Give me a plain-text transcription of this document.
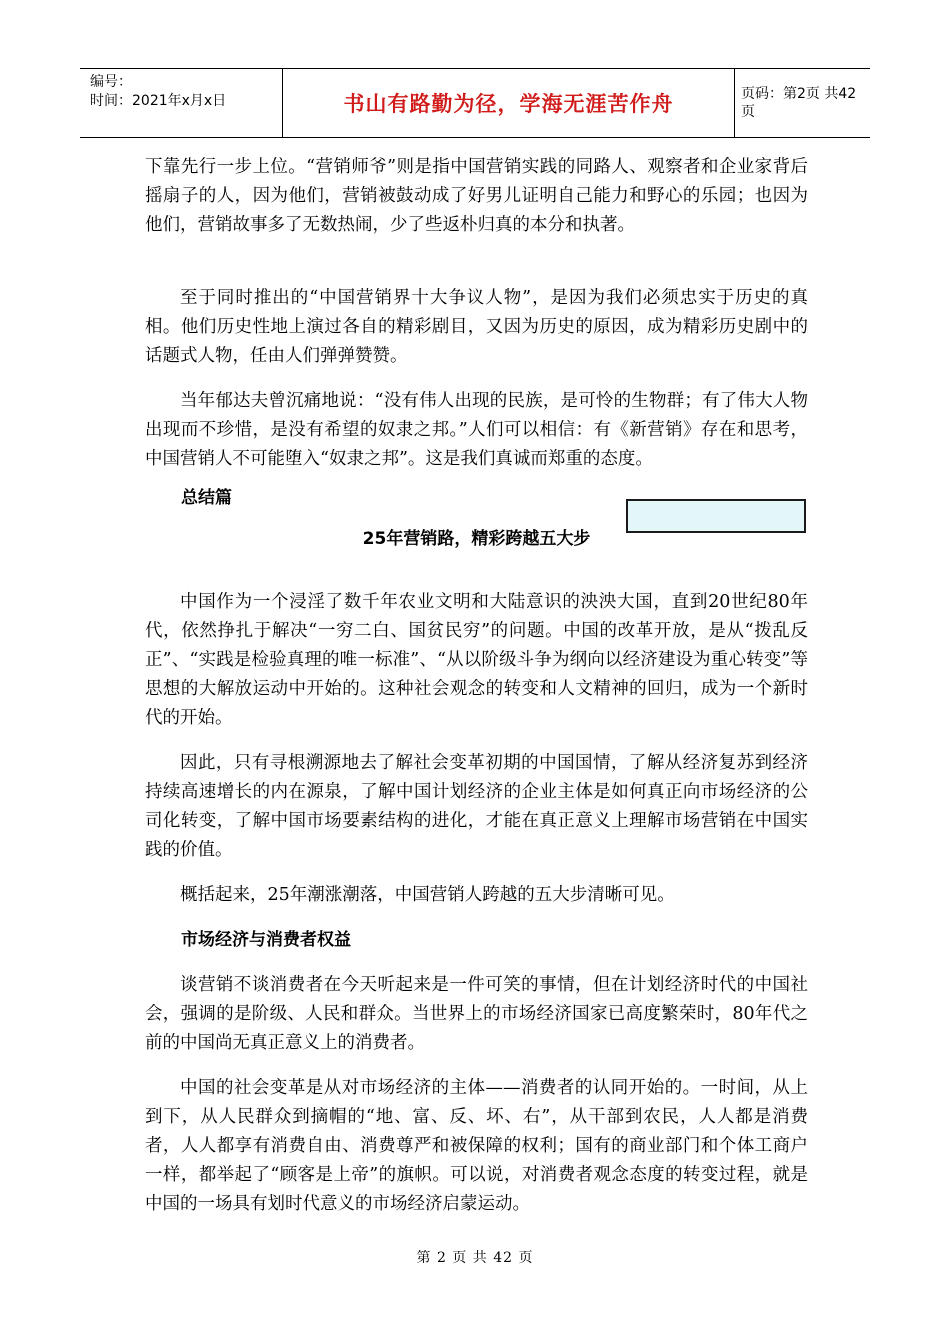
编号：
时间：2021年x月x日	书山有路勤为径，学海无涯苦作舟	页码：第2页 共42页

下靠先行一步上位。“营销师爷”则是指中国营销实践的同路人、观察者和企业家背后摇扇子的人，因为他们，营销被鼓动成了好男儿证明自己能力和野心的乐园；也因为他们，营销故事多了无数热闹，少了些返朴归真的本分和执著。

至于同时推出的“中国营销界十大争议人物”，是因为我们必须忠实于历史的真相。他们历史性地上演过各自的精彩剧目，又因为历史的原因，成为精彩历史剧中的话题式人物，任由人们弹弹赞赞。

当年郁达夫曾沉痛地说：“没有伟人出现的民族，是可怜的生物群；有了伟大人物出现而不珍惜，是没有希望的奴隶之邦。”人们可以相信：有《新营销》存在和思考，中国营销人不可能堕入“奴隶之邦”。这是我们真诚而郑重的态度。

总结篇
25年营销路，精彩跨越五大步

中国作为一个浸淫了数千年农业文明和大陆意识的泱泱大国，直到20世纪80年代，依然挣扎于解决“一穷二白、国贫民穷”的问题。中国的改革开放，是从“拨乱反正”、“实践是检验真理的唯一标准”、“从以阶级斗争为纲向以经济建设为重心转变”等思想的大解放运动中开始的。这种社会观念的转变和人文精神的回归，成为一个新时代的开始。

因此，只有寻根溯源地去了解社会变革初期的中国国情，了解从经济复苏到经济持续高速增长的内在源泉，了解中国计划经济的企业主体是如何真正向市场经济的公司化转变，了解中国市场要素结构的进化，才能在真正意义上理解市场营销在中国实践的价值。

概括起来，25年潮涨潮落，中国营销人跨越的五大步清晰可见。

市场经济与消费者权益

谈营销不谈消费者在今天听起来是一件可笑的事情，但在计划经济时代的中国社会，强调的是阶级、人民和群众。当世界上的市场经济国家已高度繁荣时，80年代之前的中国尚无真正意义上的消费者。

中国的社会变革是从对市场经济的主体——消费者的认同开始的。一时间，从上到下，从人民群众到摘帽的“地、富、反、坏、右”，从干部到农民，人人都是消费者，人人都享有消费自由、消费尊严和被保障的权利；国有的商业部门和个体工商户一样，都举起了“顾客是上帝”的旗帜。可以说，对消费者观念态度的转变过程，就是中国的一场具有划时代意义的市场经济启蒙运动。

第 2 页 共 42 页
